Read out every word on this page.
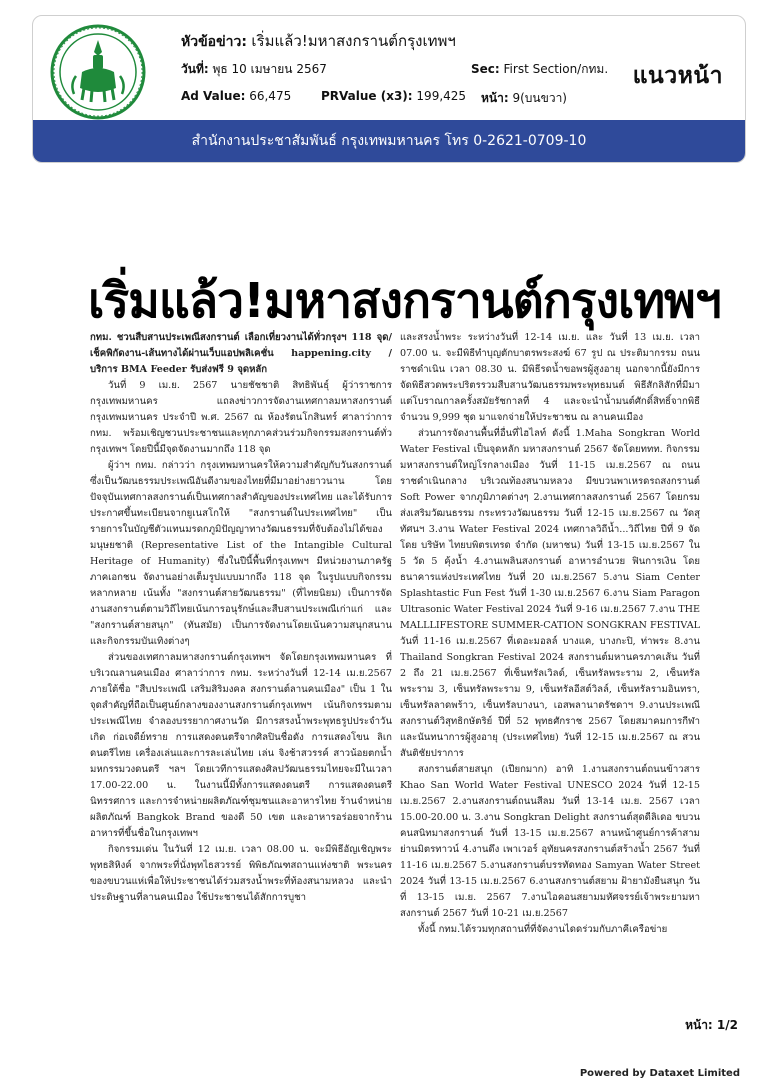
หัวข้อข่าว: เริ่มแล้ว!มหาสงกรานต์กรุงเทพฯ
วันที่: พุธ 10 เมษายน 2567	Sec: First Section/กทม.
Ad Value: 66,475 PRValue (x3): 199,425 หน้า: 9(บนขวา)
แนวหน้า
สำนักงานประชาสัมพันธ์ กรุงเทพมหานคร โทร 0-2621-0709-10
เริ่มแล้ว!มหาสงกรานต์กรุงเทพฯ

กทม. ชวนสืบสานประเพณีสงกรานต์ เลือกเที่ยวงานได้ทั่วกรุงฯ 118 จุด/เช็คพิกัดงาน-เส้นทางได้ผ่านเว็บแอปพลิเคชั่น happening.city / บริการ BMA Feeder รับส่งฟรี 9 จุดหลัก

วันที่ 9 เม.ย. 2567 นายชัชชาติ สิทธิพันธุ์ ผู้ว่าราชการกรุงเทพมหานคร แถลงข่าวการจัดงานเทศกาลมหาสงกรานต์กรุงเทพมหานคร ประจำปี พ.ศ. 2567 ณ ห้องรัตนโกสินทร์ ศาลาว่าการ กทม. พร้อมเชิญชวนประชาชนและทุกภาคส่วนร่วมกิจกรรมสงกรานต์ทั่วกรุงเทพฯ โดยปีนี้มีจุดจัดงานมากถึง 118 จุด

ผู้ว่าฯ กทม. กล่าวว่า กรุงเทพมหานครให้ความสำคัญกับวันสงกรานต์ซึ่งเป็นวัฒนธรรมประเพณีอันดีงามของไทยที่มีมาอย่างยาวนาน โดยปัจจุบันเทศกาลสงกรานต์เป็นเทศกาลสำคัญของประเทศไทย และได้รับการประกาศขึ้นทะเบียนจากยูเนสโกให้ "สงกรานต์ในประเทศไทย" เป็นรายการในบัญชีตัวแทนมรดกภูมิปัญญาทางวัฒนธรรมที่จับต้องไม่ได้ของมนุษยชาติ (Representative List of the Intangible Cultural Heritage of Humanity) ซึ่งในปีนี้พื้นที่กรุงเทพฯ มีหน่วยงานภาครัฐ ภาคเอกชน จัดงานอย่างเต็มรูปแบบมากถึง 118 จุด ในรูปแบบกิจกรรมหลากหลาย เน้นทั้ง "สงกรานต์สายวัฒนธรรม" (ที่ไทยนิยม) เป็นการจัดงานสงกรานต์ตามวิถีไทยเน้นการอนุรักษ์และสืบสานประเพณีเก่าแก่ และ "สงกรานต์สายสนุก" (ทันสมัย) เป็นการจัดงานโดยเน้นความสนุกสนานและกิจกรรมบันเทิงต่างๆ

ส่วนของเทศกาลมหาสงกรานต์กรุงเทพฯ จัดโดยกรุงเทพมหานคร ที่บริเวณลานคนเมือง ศาลาว่าการ กทม. ระหว่างวันที่ 12-14 เม.ย.2567 ภายใต้ชื่อ "สืบประเพณี เสริมสิริมงคล สงกรานต์ลานคนเมือง" เป็น 1 ในจุดสำคัญที่ถือเป็นศูนย์กลางของงานสงกรานต์กรุงเทพฯ เน้นกิจกรรมตามประเพณีไทย จำลองบรรยากาศงานวัด มีการสรงน้ำพระพุทธรูปประจำวันเกิด ก่อเจดีย์ทราย การแสดงดนตรีจากศิลปินชื่อดัง การแสดงโขน ลิเก ดนตรีไทย เครื่องเล่นและการละเล่นไทย เล่น จิงช้าสวรรค์ สาวน้อยตกน้ำ มหกรรมวงดนตรี ฯลฯ โดยเวทีการแสดงศิลปวัฒนธรรมไทยจะมีในเวลา 17.00-22.00 น. ในงานนี้มีทั้งการแสดงดนตรี การแสดงดนตรี นิทรรศการ และการจำหน่ายผลิตภัณฑ์ชุมชนและอาหารไทย ร้านจำหน่ายผลิตภัณฑ์ Bangkok Brand ของดี 50 เขต และอาหารอร่อยจากร้านอาหารที่ขึ้นชื่อในกรุงเทพฯ

กิจกรรมเด่น ในวันที่ 12 เม.ย. เวลา 08.00 น. จะมีพิธีอัญเชิญพระพุทธสิหิงค์ จากพระที่นั่งพุทไธสวรรย์ พิพิธภัณฑสถานแห่งชาติ พระนคร ของขบวนแห่เพื่อให้ประชาชนได้ร่วมสรงน้ำพระที่ท้องสนามหลวง และนำประดิษฐานที่ลานคนเมือง ใช้ประชาชนได้สักการบูชา

และสรงน้ำพระ ระหว่างวันที่ 12-14 เม.ย. และ วันที่ 13 เม.ย. เวลา 07.00 น. จะมีพิธีทำบุญตักบาตรพระสงฆ์ 67 รูป ณ ประติมากรรม ถนน ราชดำเนิน เวลา 08.30 น. มีพิธีรดน้ำขอพรผู้สูงอายุ นอกจากนี้ยังมีการจัดพิธีสวดพระปริตรรวมสืบสานวัฒนธรรมพระพุทธมนต์ พิธีสักลิสักที่มีมาแต่โบราณกาลครั้งสมัยรัชกาลที่ 4 และจะนำน้ำมนต์ศักดิ์สิทธิ์จากพิธีจำนวน 9,999 ชุด มาแจกจ่ายให้ประชาชน ณ ลานคนเมือง

ส่วนการจัดงานพื้นที่อื่นที่ไฮไลท์ ดังนี้ 1.Maha Songkran World Water Festival เป็นจุดหลัก มหาสงกรานต์ 2567 จัดโดยททท. กิจกรรมมหาสงกรานต์ใหญ่โรกลางเมือง วันที่ 11-15 เม.ย.2567 ณ ถนนราชดำเนินกลาง บริเวณท้องสนามหลวง มีขบวนพาเหรดรถสงกรานต์ Soft Power จากภูมิภาคต่างๆ 2.งานเทศกาลสงกรานต์ 2567 โดยกรมส่งเสริมวัฒนธรรม กระทรวงวัฒนธรรม วันที่ 12-15 เม.ย.2567 ณ วัดสุทัศนฯ 3.งาน Water Festival 2024 เทศกาลวิถีน้ำ...วิถีไทย ปีที่ 9 จัดโดย บริษัท ไทยบพิตรเทรด จำกัด (มหาชน) วันที่ 13-15 เม.ย.2567 ใน 5 วัด 5 คุ้งน้ำ 4.งานเพลินสงกรานต์ อาหารอำนวย ฟินการเงิน โดยธนาคารแห่งประเทศไทย วันที่ 20 เม.ย.2567 5.งาน Siam Center Splashtastic Fun Fest วันที่ 1-30 เม.ย.2567 6.งาน Siam Paragon Ultrasonic Water Festival 2024 วันที่ 9-16 เม.ย.2567 7.งาน THE MALLLIFESTORE SUMMER-CATION SONGKRAN FESTIVAL วันที่ 11-16 เม.ย.2567 ที่เดอะมอลล์ บางแค, บางกะปิ, ท่าพระ 8.งาน Thailand Songkran Festival 2024 สงกรานต์มหานครภาคเส้น วันที่ 2 ถึง 21 เม.ย.2567 ที่เซ็นทรัลเวิลด์, เซ็นทรัลพระราม 2, เซ็นทรัลพระราม 3, เซ็นทรัลพระราม 9, เซ็นทรัลอีสต์วิลล์, เซ็นทรัลรามอินทรา, เซ็นทรัลลาดพร้าว, เซ็นทรัลบางนา, เอสพลานาดรัชดาฯ 9.งานประเพณีสงกรานต์วิสุทธิกษัตริย์ ปีที่ 52 พุทธศักราช 2567 โดยสมาคมการกีฬาและนันทนาการผู้สูงอายุ (ประเทศไทย) วันที่ 12-15 เม.ย.2567 ณ สวนสันติชัยปราการ

สงกรานต์สายสนุก (เปียกมาก) อาทิ 1.งานสงกรานต์ถนนข้าวสาร Khao San World Water Festival UNESCO 2024 วันที่ 12-15 เม.ย.2567 2.งานสงกรานต์ถนนสีลม วันที่ 13-14 เม.ย. 2567 เวลา 15.00-20.00 น. 3.งาน Songkran Delight สงกรานต์สุดดีลิเดอ ขบวนคนสนิทมาสงกรานต์ วันที่ 13-15 เม.ย.2567 ลานหน้าศูนย์การค้าสามย่านมิตรทาวน์ 4.งานดึง เพาเวอร์ อุทัยนครสงกรานต์สร้างน้ำ 2567 วันที่ 11-16 เม.ย.2567 5.งานสงกรานต์บรรทัดทอง Samyan Water Street 2024 วันที่ 13-15 เม.ย.2567 6.งานสงกรานต์สยาม ฝ้ายามังยืนสนุก วันที่ 13-15 เม.ย. 2567 7.งานไอคอนสยามมหัศจรรย์เจ้าพระยามหาสงกรานต์ 2567 วันที่ 10-21 เม.ย.2567

ทั้งนี้ กทม.ได้รวมทุกสถานที่ที่จัดงานไดดร่วมกับภาคีเครือข่าย

หน้า: 1/2
Powered by Dataxet Limited
